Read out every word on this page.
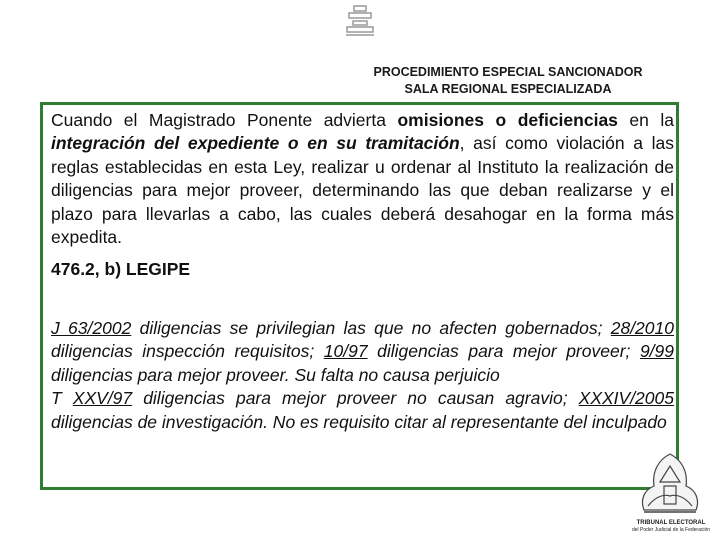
PROCEDIMIENTO ESPECIAL SANCIONADOR
SALA REGIONAL ESPECIALIZADA

Cuando el Magistrado Ponente advierta omisiones o deficiencias en la integración del expediente o en su tramitación, así como violación a las reglas establecidas en esta Ley, realizar u ordenar al Instituto la realización de diligencias para mejor proveer, determinando las que deban realizarse y el plazo para llevarlas a cabo, las cuales deberá desahogar en la forma más expedita.

476.2, b) LEGIPE

J 63/2002 diligencias se privilegian las que no afecten gobernados; 28/2010 diligencias inspección requisitos; 10/97 diligencias para mejor proveer; 9/99 diligencias para mejor proveer. Su falta no causa perjuicio
T XXV/97 diligencias para mejor proveer no causan agravio; XXXIV/2005 diligencias de investigación. No es requisito citar al representante del inculpado

TRIBUNAL ELECTORAL
del Poder Judicial de la Federación
